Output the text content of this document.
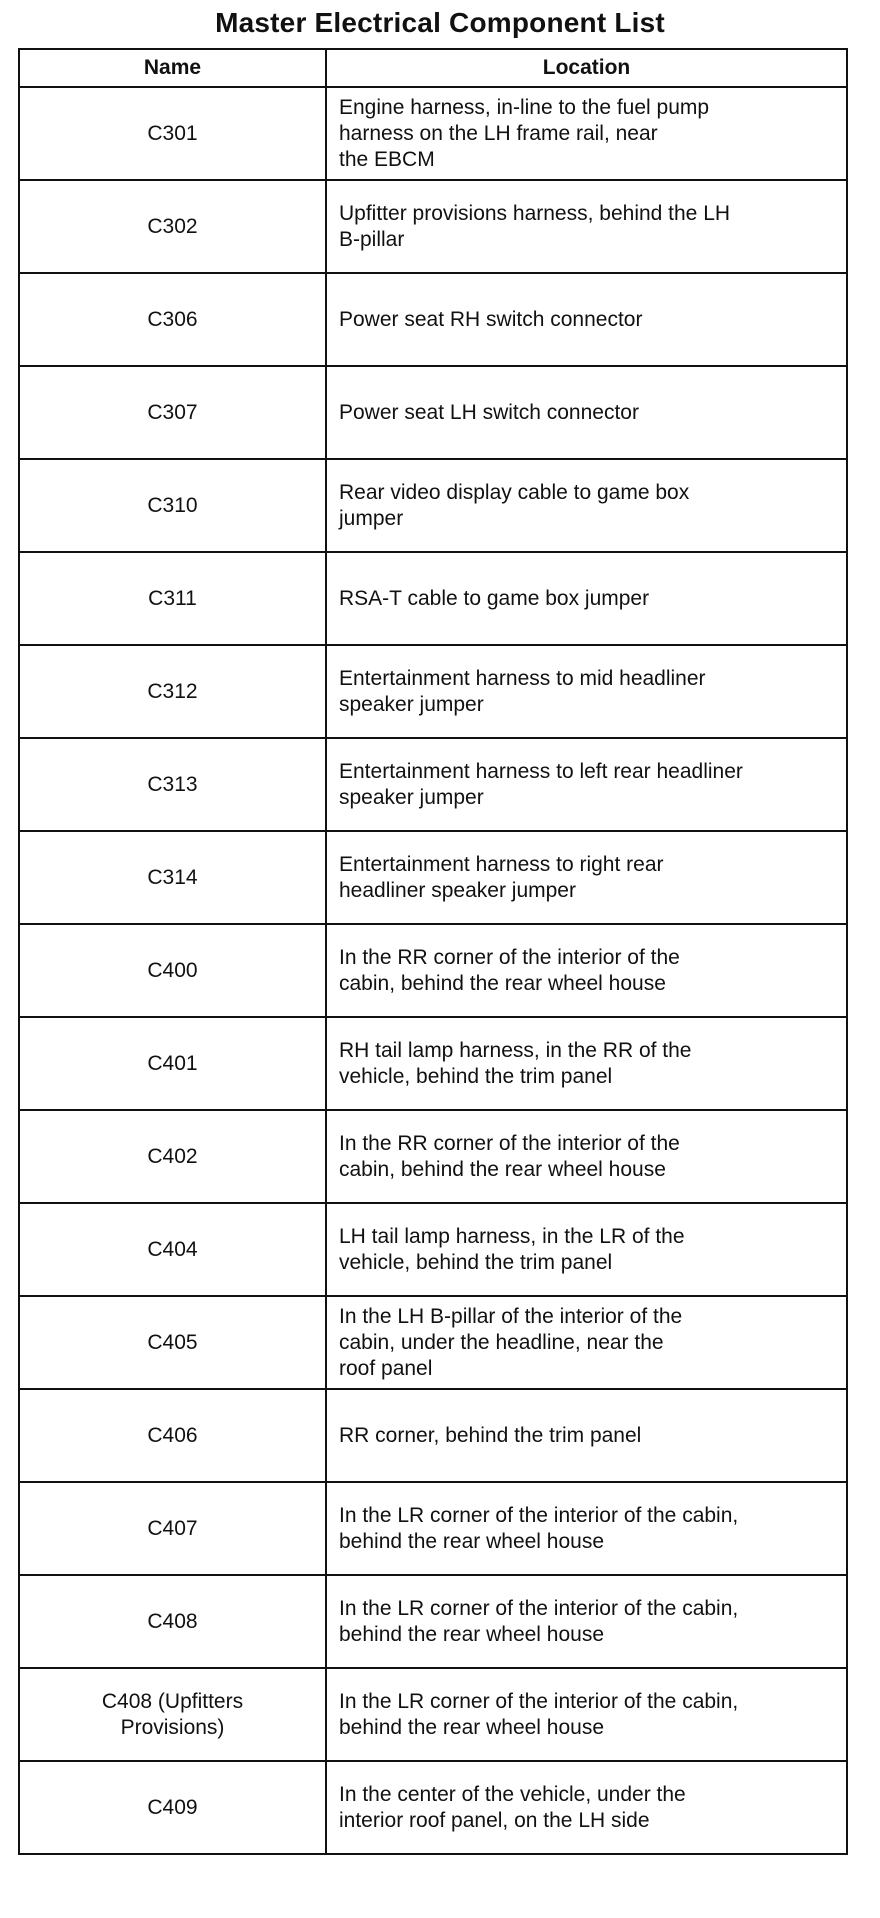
Master Electrical Component List
Name	Location
C301	Engine harness, in-line to the fuel pump
harness on the LH frame rail, near
the EBCM
C302	Upfitter provisions harness, behind the LH
B-pillar
C306	Power seat RH switch connector
C307	Power seat LH switch connector
C310	Rear video display cable to game box
jumper
C311	RSA-T cable to game box jumper
C312	Entertainment harness to mid headliner
speaker jumper
C313	Entertainment harness to left rear headliner
speaker jumper
C314	Entertainment harness to right rear
headliner speaker jumper
C400	In the RR corner of the interior of the
cabin, behind the rear wheel house
C401	RH tail lamp harness, in the RR of the
vehicle, behind the trim panel
C402	In the RR corner of the interior of the
cabin, behind the rear wheel house
C404	LH tail lamp harness, in the LR of the
vehicle, behind the trim panel
C405	In the LH B-pillar of the interior of the
cabin, under the headline, near the
roof panel
C406	RR corner, behind the trim panel
C407	In the LR corner of the interior of the cabin,
behind the rear wheel house
C408	In the LR corner of the interior of the cabin,
behind the rear wheel house
C408 (Upfitters
Provisions)	In the LR corner of the interior of the cabin,
behind the rear wheel house
C409	In the center of the vehicle, under the
interior roof panel, on the LH side
